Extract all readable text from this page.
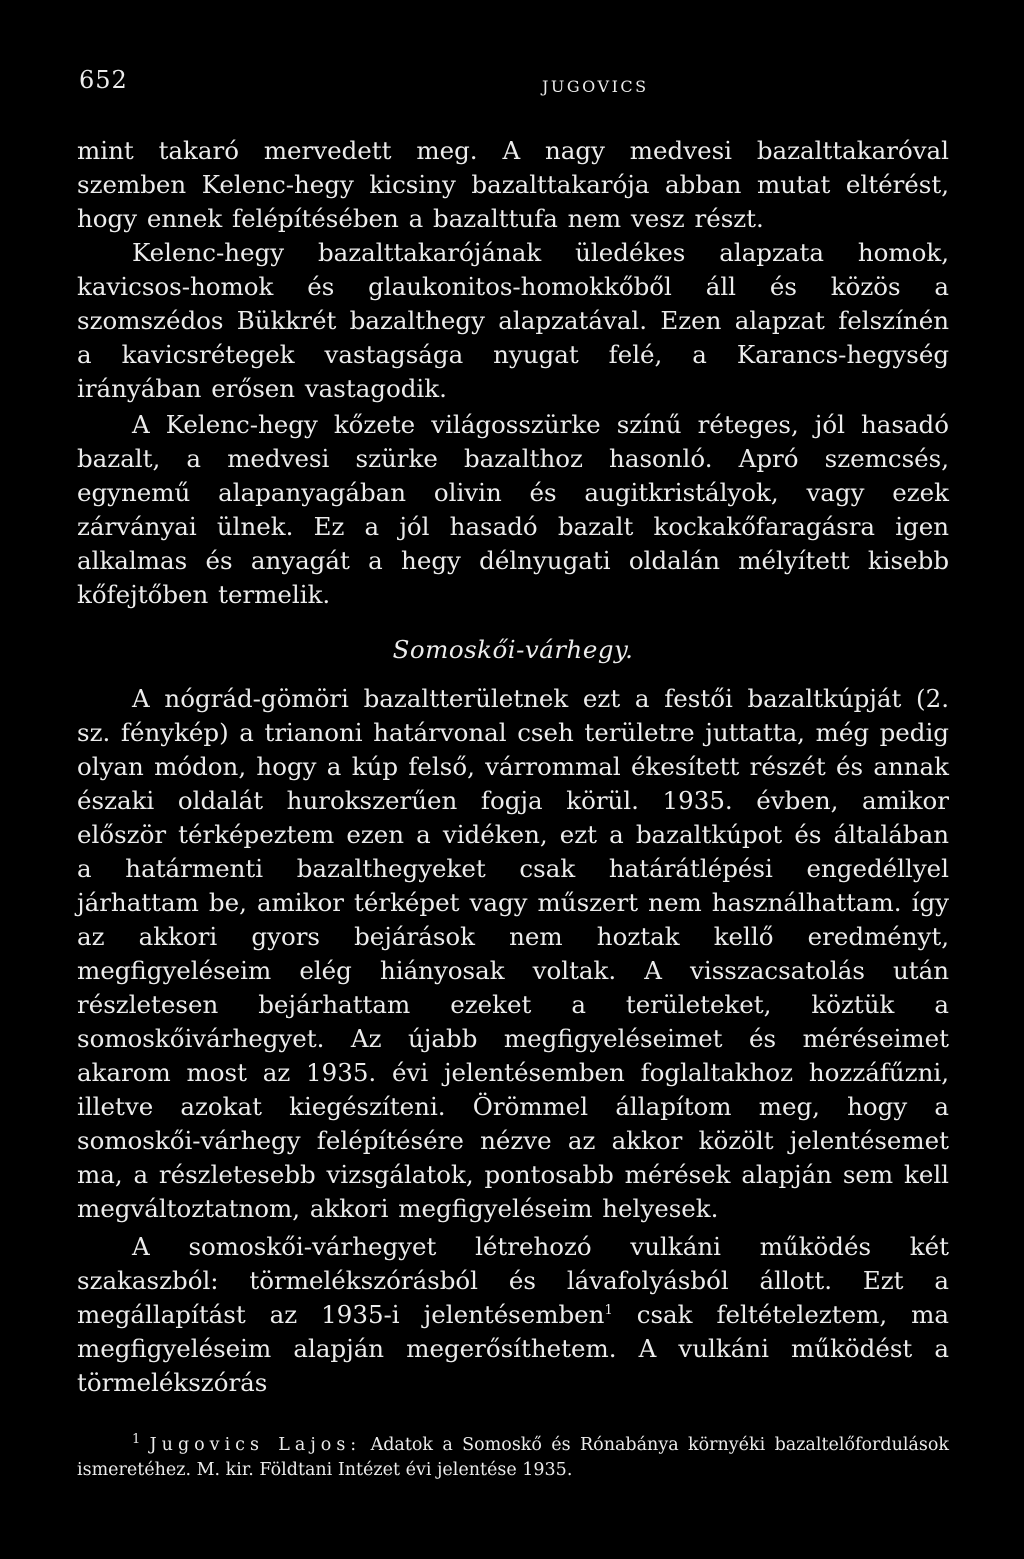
652	JUGOVICS

mint takaró mervedett meg. A nagy medvesi bazalttakaróval szemben Kelenc-hegy kicsiny bazalttakarója abban mutat eltérést, hogy ennek felépítésében a bazalttufa nem vesz részt.

Kelenc-hegy bazalttakarójának üledékes alapzata homok, kavicsos-homok és glaukonitos-homokkőből áll és közös a szomszédos Bükkrét bazalthegy alapzatával. Ezen alapzat felszínén a kavicsrétegek vastagsága nyugat felé, a Karancs-hegység irányában erősen vastagodik.

A Kelenc-hegy kőzete világosszürke színű réteges, jól hasadó bazalt, a medvesi szürke bazalthoz hasonló. Apró szemcsés, egynemű alapanyagában olivin és augitkristályok, vagy ezek zárványai ülnek. Ez a jól hasadó bazalt kockakőfaragásra igen alkalmas és anyagát a hegy délnyugati oldalán mélyített kisebb kőfejtőben termelik.

Somoskői-várhegy.

A nógrád-gömöri bazaltterületnek ezt a festői bazaltkúpját (2. sz. fénykép) a trianoni határvonal cseh területre juttatta, még pedig olyan módon, hogy a kúp felső, várrommal ékesített részét és annak északi oldalát hurokszerűen fogja körül. 1935. évben, amikor először térképeztem ezen a vidéken, ezt a bazaltkúpot és általában a határmenti bazalthegyeket csak határátlépési engedéllyel járhattam be, amikor térképet vagy műszert nem használhattam. így az akkori gyors bejárások nem hoztak kellő eredményt, megfigyeléseim elég hiányosak voltak. A visszacsatolás után részletesen bejárhattam ezeket a területeket, köztük a somoskőivárhegyet. Az újabb megfigyeléseimet és méréseimet akarom most az 1935. évi jelentésemben foglaltakhoz hozzáfűzni, illetve azokat kiegészíteni. Örömmel állapítom meg, hogy a somoskői-várhegy felépítésére nézve az akkor közölt jelentésemet ma, a részletesebb vizsgálatok, pontosabb mérések alapján sem kell megváltoztatnom, akkori megfigyeléseim helyesek.

A somoskői-várhegyet létrehozó vulkáni működés két szakaszból: törmelékszórásból és lávafolyásból állott. Ezt a megállapítást az 1935-i jelentésemben$^1$ csak feltételeztem, ma megfigyeléseim alapján megerősíthetem. A vulkáni működést a törmelékszórás

$^1$ Jugovics Lajos: Adatok a Somoskő és Rónabánya környéki bazaltelőfordulások ismeretéhez. M. kir. Földtani Intézet évi jelentése 1935.
